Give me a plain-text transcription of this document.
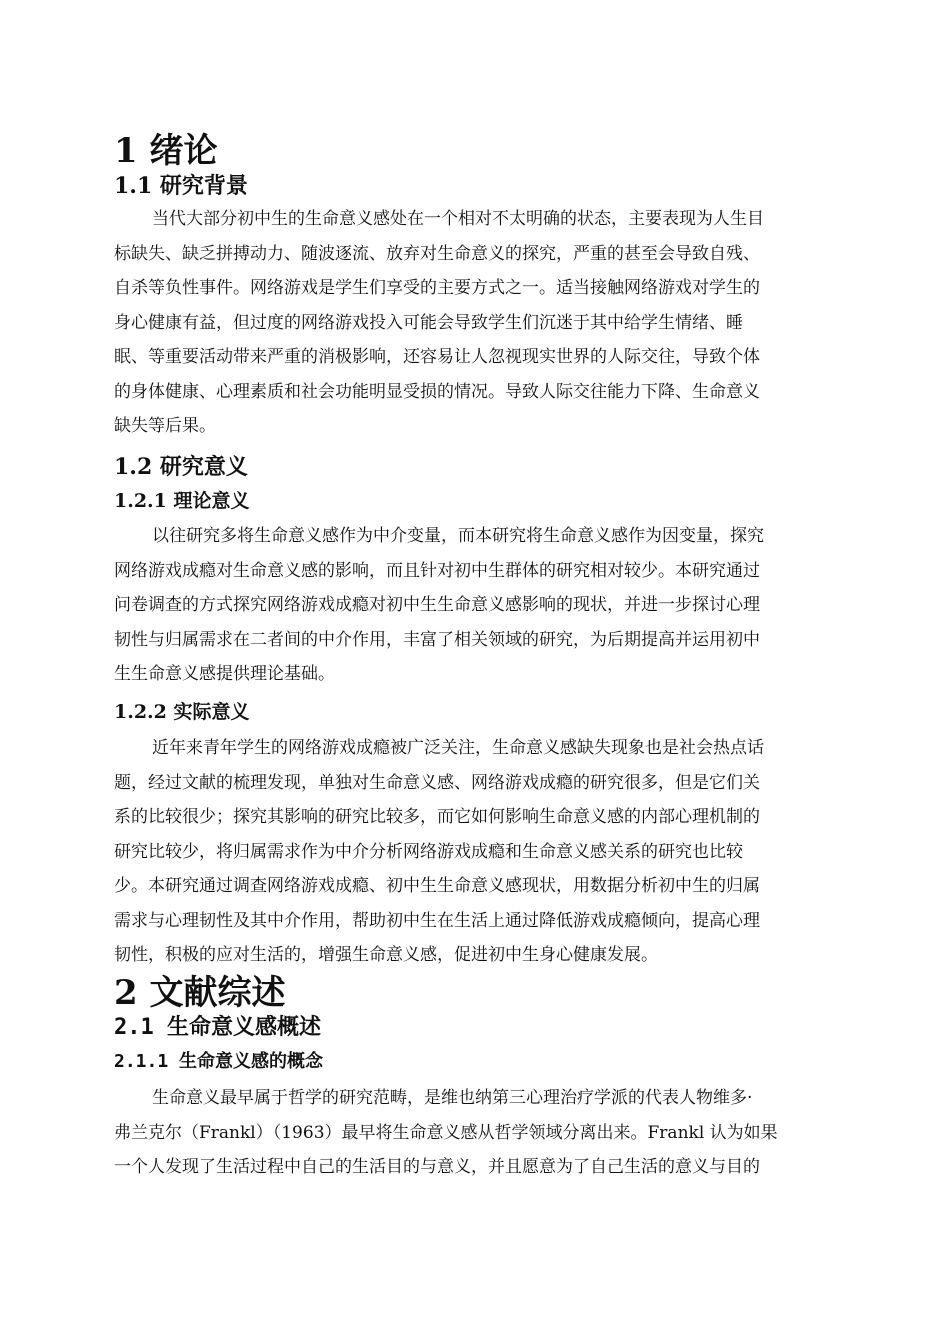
1 绪论
1.1 研究背景
当代大部分初中生的生命意义感处在一个相对不太明确的状态，主要表现为人生目
标缺失、缺乏拼搏动力、随波逐流、放弃对生命意义的探究，严重的甚至会导致自残、
自杀等负性事件。网络游戏是学生们享受的主要方式之一。适当接触网络游戏对学生的
身心健康有益，但过度的网络游戏投入可能会导致学生们沉迷于其中给学生情绪、睡
眠、等重要活动带来严重的消极影响，还容易让人忽视现实世界的人际交往，导致个体
的身体健康、心理素质和社会功能明显受损的情况。导致人际交往能力下降、生命意义
缺失等后果。
1.2 研究意义
1.2.1 理论意义
以往研究多将生命意义感作为中介变量，而本研究将生命意义感作为因变量，探究
网络游戏成瘾对生命意义感的影响，而且针对初中生群体的研究相对较少。本研究通过
问卷调查的方式探究网络游戏成瘾对初中生生命意义感影响的现状，并进一步探讨心理
韧性与归属需求在二者间的中介作用，丰富了相关领域的研究，为后期提高并运用初中
生生命意义感提供理论基础。
1.2.2 实际意义
近年来青年学生的网络游戏成瘾被广泛关注，生命意义感缺失现象也是社会热点话
题，经过文献的梳理发现，单独对生命意义感、网络游戏成瘾的研究很多，但是它们关
系的比较很少；探究其影响的研究比较多，而它如何影响生命意义感的内部心理机制的
研究比较少，将归属需求作为中介分析网络游戏成瘾和生命意义感关系的研究也比较
少。本研究通过调查网络游戏成瘾、初中生生命意义感现状，用数据分析初中生的归属
需求与心理韧性及其中介作用，帮助初中生在生活上通过降低游戏成瘾倾向，提高心理
韧性，积极的应对生活的，增强生命意义感，促进初中生身心健康发展。
2 文献综述
2.1 生命意义感概述
2.1.1 生命意义感的概念
生命意义最早属于哲学的研究范畴，是维也纳第三心理治疗学派的代表人物维多·
弗兰克尔（Frankl）（1963）最早将生命意义感从哲学领域分离出来。Frankl 认为如果
一个人发现了生活过程中自己的生活目的与意义，并且愿意为了自己生活的意义与目的
